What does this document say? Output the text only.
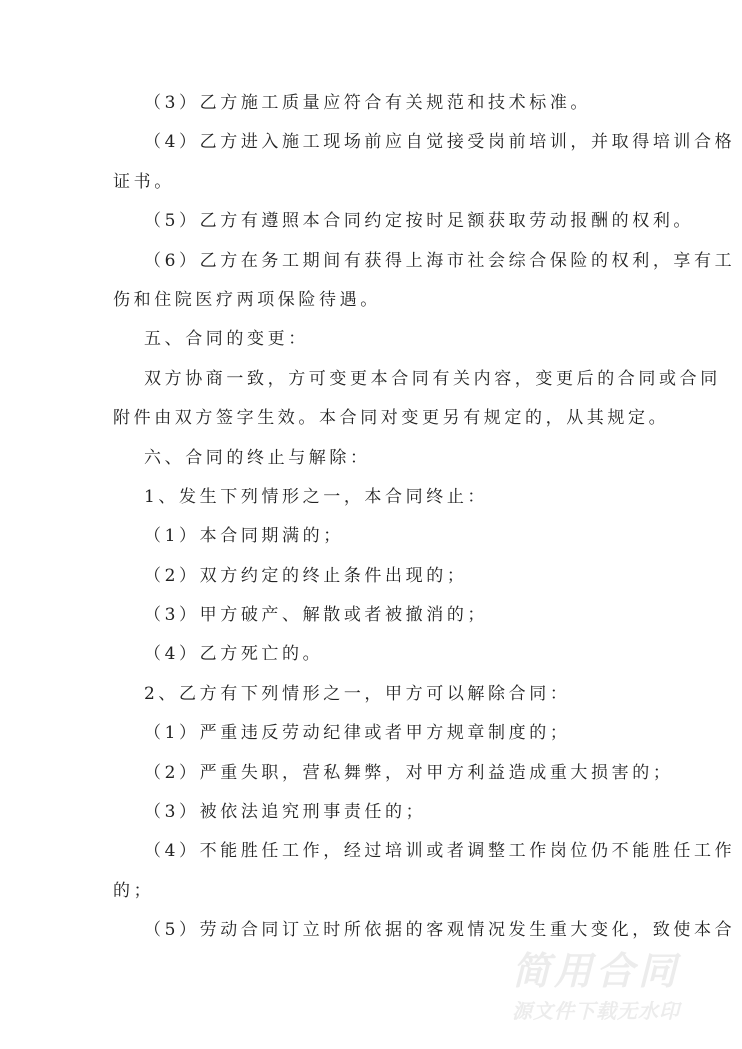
（3）乙方施工质量应符合有关规范和技术标准。
（4）乙方进入施工现场前应自觉接受岗前培训，并取得培训合格
证书。
（5）乙方有遵照本合同约定按时足额获取劳动报酬的权利。
（6）乙方在务工期间有获得上海市社会综合保险的权利，享有工
伤和住院医疗两项保险待遇。
五、合同的变更：
双方协商一致，方可变更本合同有关内容，变更后的合同或合同
附件由双方签字生效。本合同对变更另有规定的，从其规定。
六、合同的终止与解除：
1、发生下列情形之一，本合同终止：
（1）本合同期满的；
（2）双方约定的终止条件出现的；
（3）甲方破产、解散或者被撤消的；
（4）乙方死亡的。
2、乙方有下列情形之一，甲方可以解除合同：
（1）严重违反劳动纪律或者甲方规章制度的；
（2）严重失职，营私舞弊，对甲方利益造成重大损害的；
（3）被依法追究刑事责任的；
（4）不能胜任工作，经过培训或者调整工作岗位仍不能胜任工作
的；
（5）劳动合同订立时所依据的客观情况发生重大变化，致使本合
简用合同
源文件下载无水印
